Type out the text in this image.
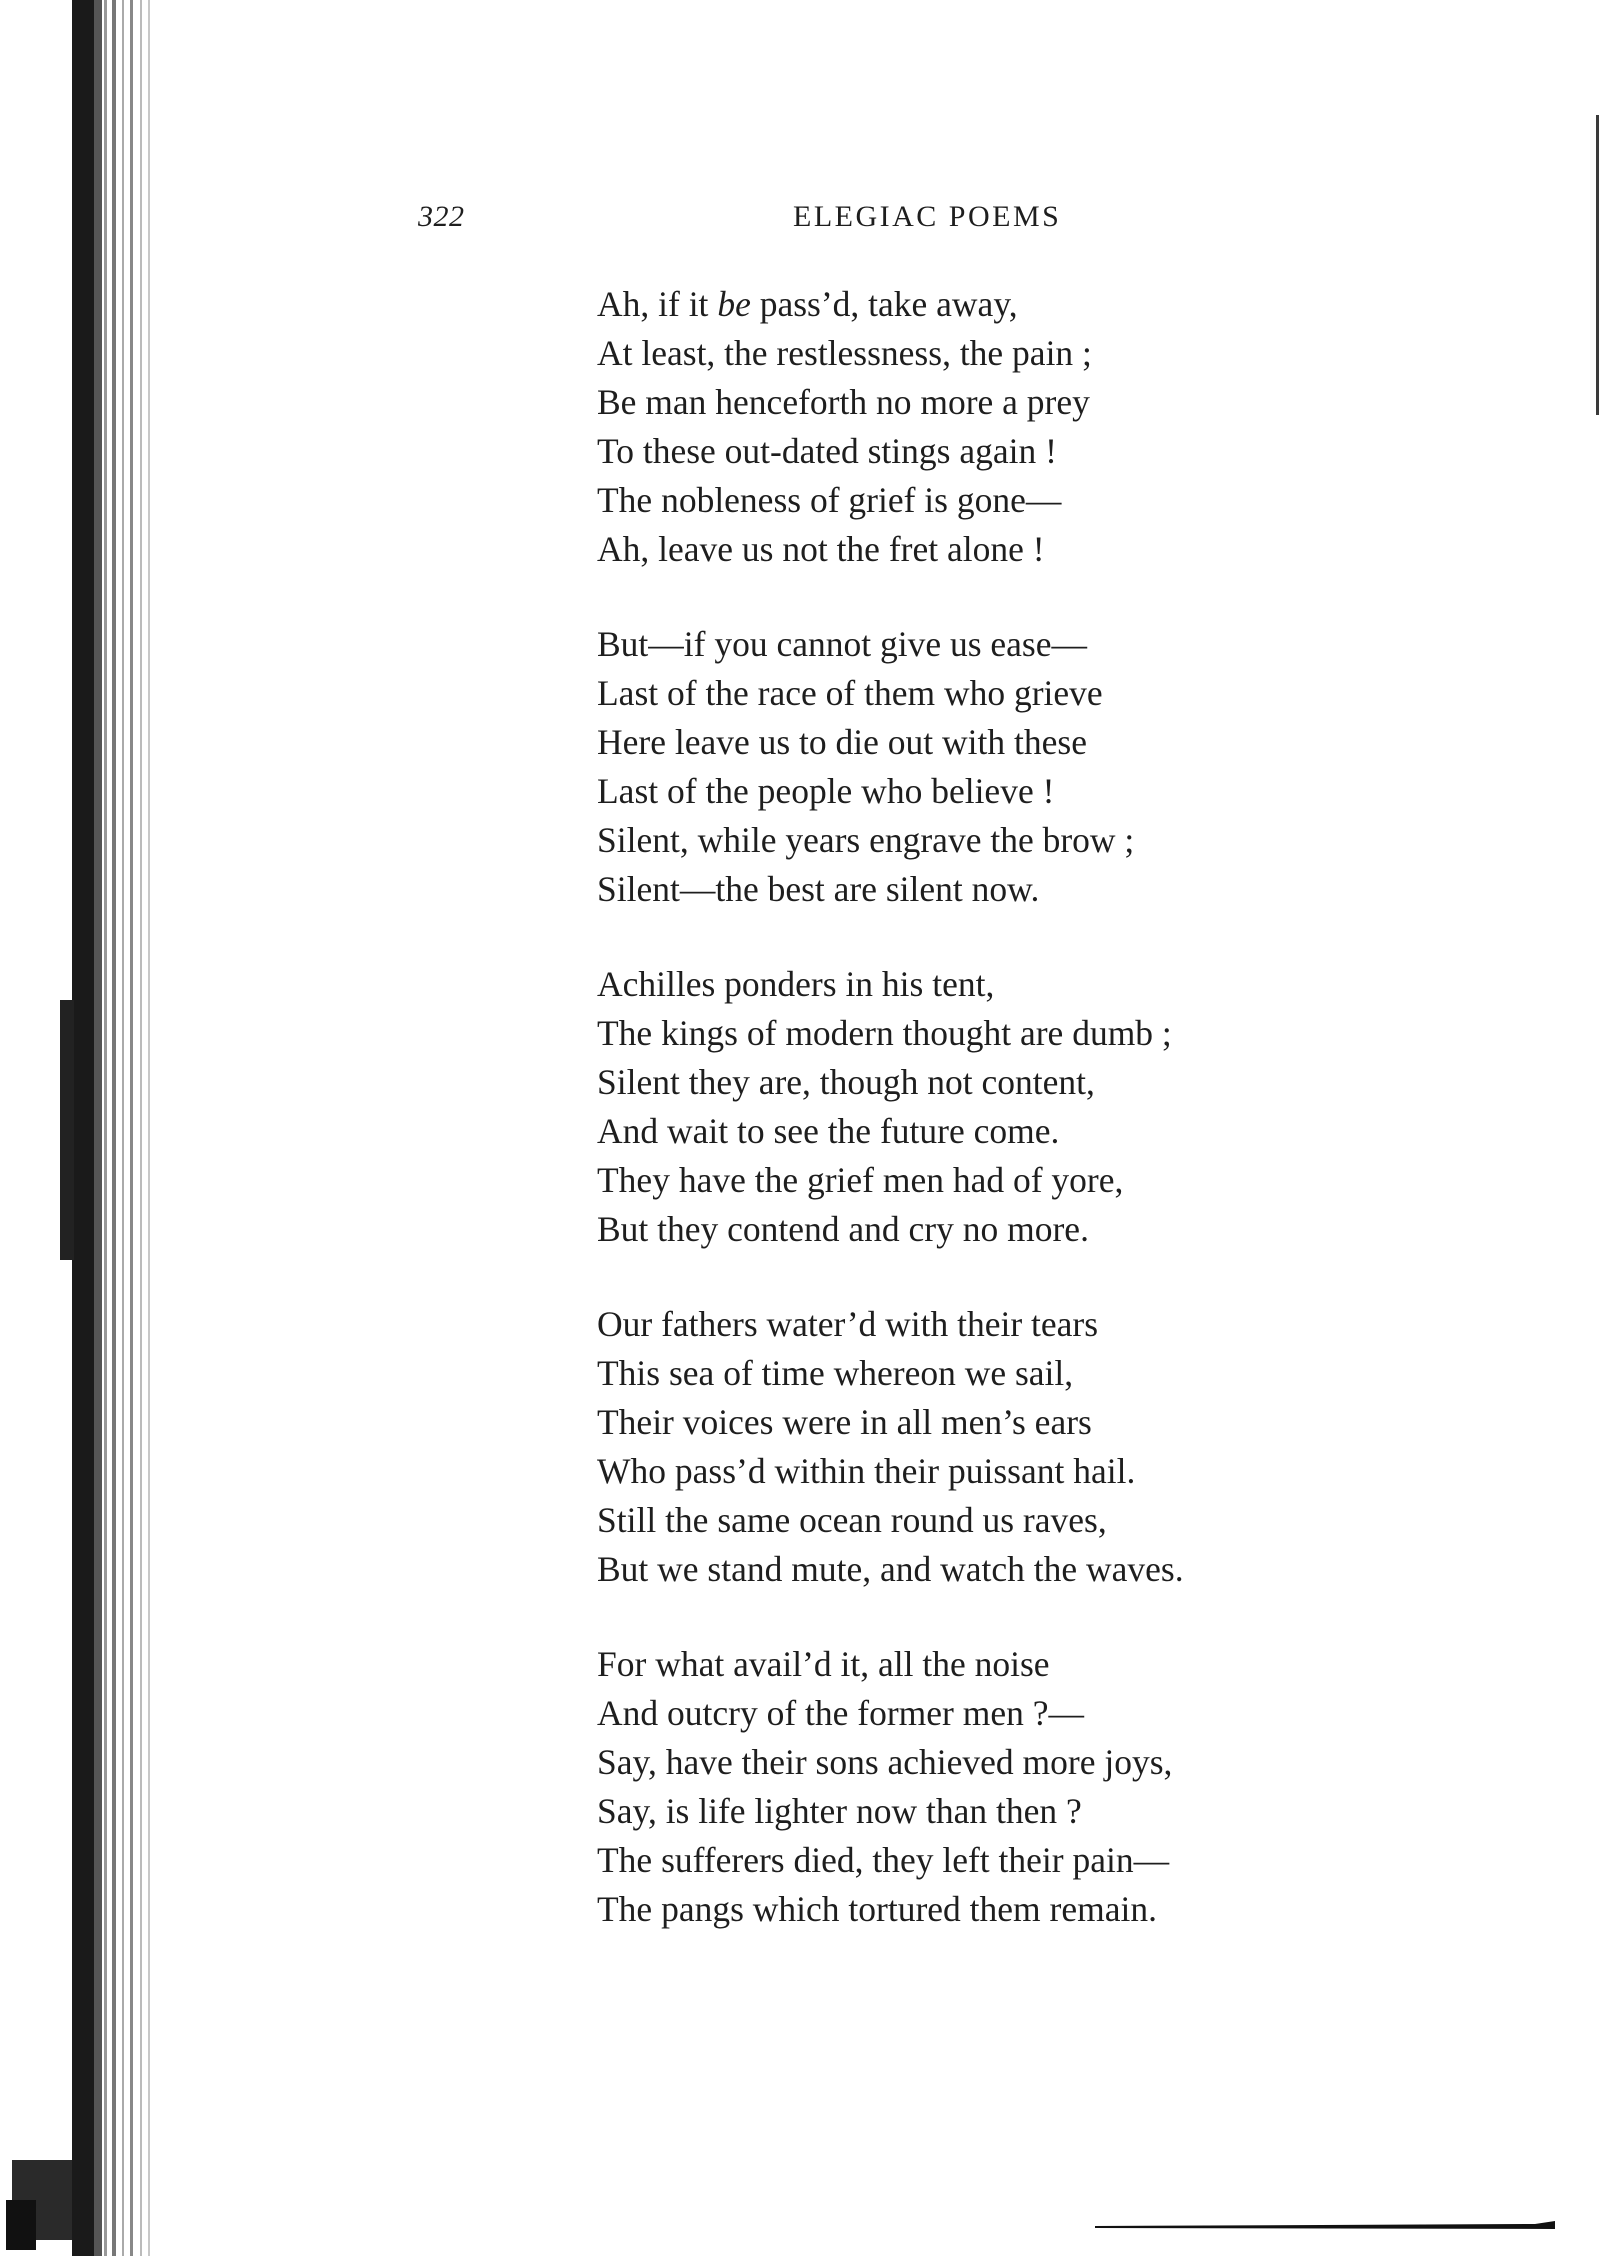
322	ELEGIAC POEMS
Ah, if it be pass’d, take away,
At least, the restlessness, the pain ;
Be man henceforth no more a prey
To these out-dated stings again !
The nobleness of grief is gone—
Ah, leave us not the fret alone !
But—if you cannot give us ease—
Last of the race of them who grieve
Here leave us to die out with these
Last of the people who believe !
Silent, while years engrave the brow ;
Silent—the best are silent now.
Achilles ponders in his tent,
The kings of modern thought are dumb ;
Silent they are, though not content,
And wait to see the future come.
They have the grief men had of yore,
But they contend and cry no more.
Our fathers water’d with their tears
This sea of time whereon we sail,
Their voices were in all men’s ears
Who pass’d within their puissant hail.
Still the same ocean round us raves,
But we stand mute, and watch the waves.
For what avail’d it, all the noise
And outcry of the former men ?—
Say, have their sons achieved more joys,
Say, is life lighter now than then ?
The sufferers died, they left their pain—
The pangs which tortured them remain.
